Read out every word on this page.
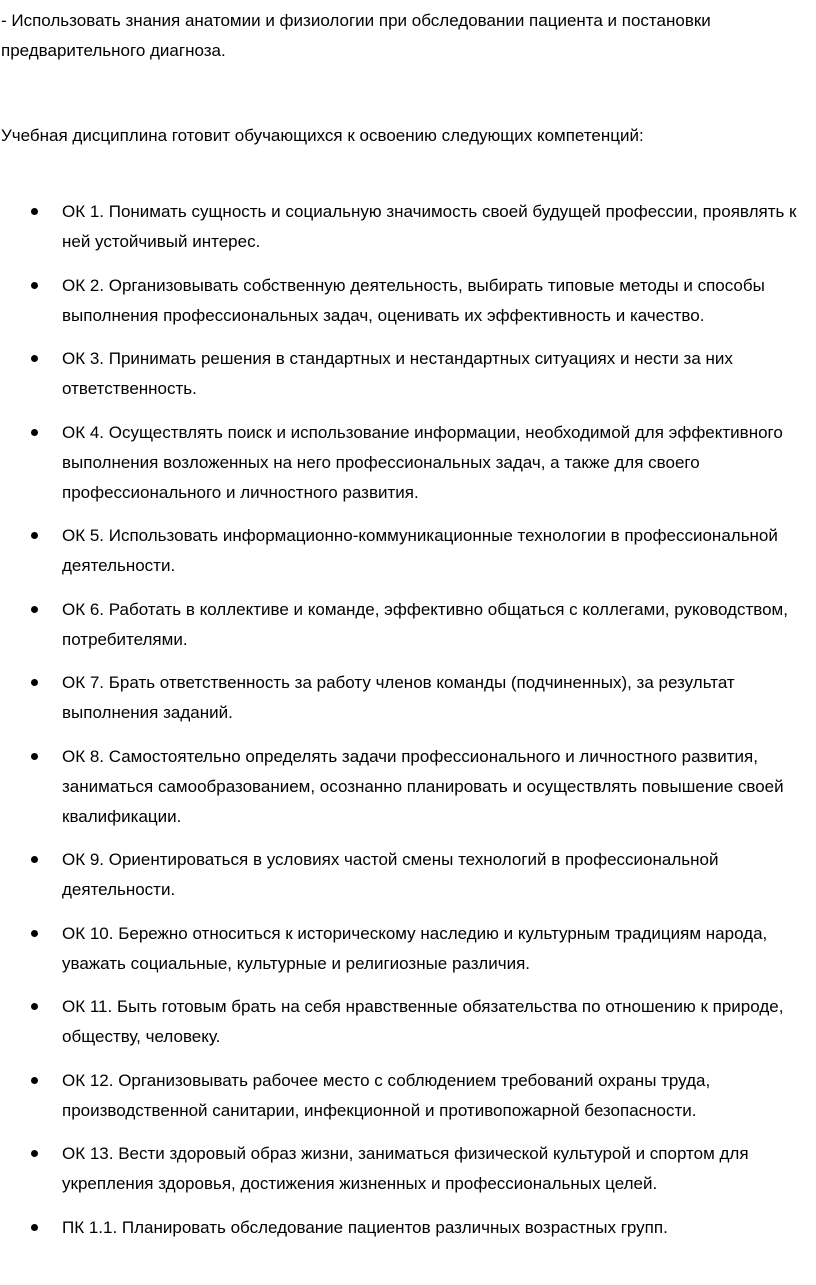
- Использовать знания анатомии и физиологии при обследовании пациента и постановки предварительного диагноза.

Учебная дисциплина готовит обучающихся к освоению следующих компетенций:

ОК 1. Понимать сущность и социальную значимость своей будущей профессии, проявлять к ней устойчивый интерес.
ОК 2. Организовывать собственную деятельность, выбирать типовые методы и способы выполнения профессиональных задач, оценивать их эффективность и качество.
ОК 3. Принимать решения в стандартных и нестандартных ситуациях и нести за них ответственность.
ОК 4. Осуществлять поиск и использование информации, необходимой для эффективного выполнения возложенных на него профессиональных задач, а также для своего профессионального и личностного развития.
ОК 5. Использовать информационно-коммуникационные технологии в профессиональной деятельности.
ОК 6. Работать в коллективе и команде, эффективно общаться с коллегами, руководством, потребителями.
ОК 7. Брать ответственность за работу членов команды (подчиненных), за результат выполнения заданий.
ОК 8. Самостоятельно определять задачи профессионального и личностного развития, заниматься самообразованием, осознанно планировать и осуществлять повышение своей квалификации.
ОК 9. Ориентироваться в условиях частой смены технологий в профессиональной деятельности.
ОК 10. Бережно относиться к историческому наследию и культурным традициям народа, уважать социальные, культурные и религиозные различия.
ОК 11. Быть готовым брать на себя нравственные обязательства по отношению к природе, обществу, человеку.
ОК 12. Организовывать рабочее место с соблюдением требований охраны труда, производственной санитарии, инфекционной и противопожарной безопасности.
ОК 13. Вести здоровый образ жизни, заниматься физической культурой и спортом для укрепления здоровья, достижения жизненных и профессиональных целей.
ПК 1.1. Планировать обследование пациентов различных возрастных групп.
